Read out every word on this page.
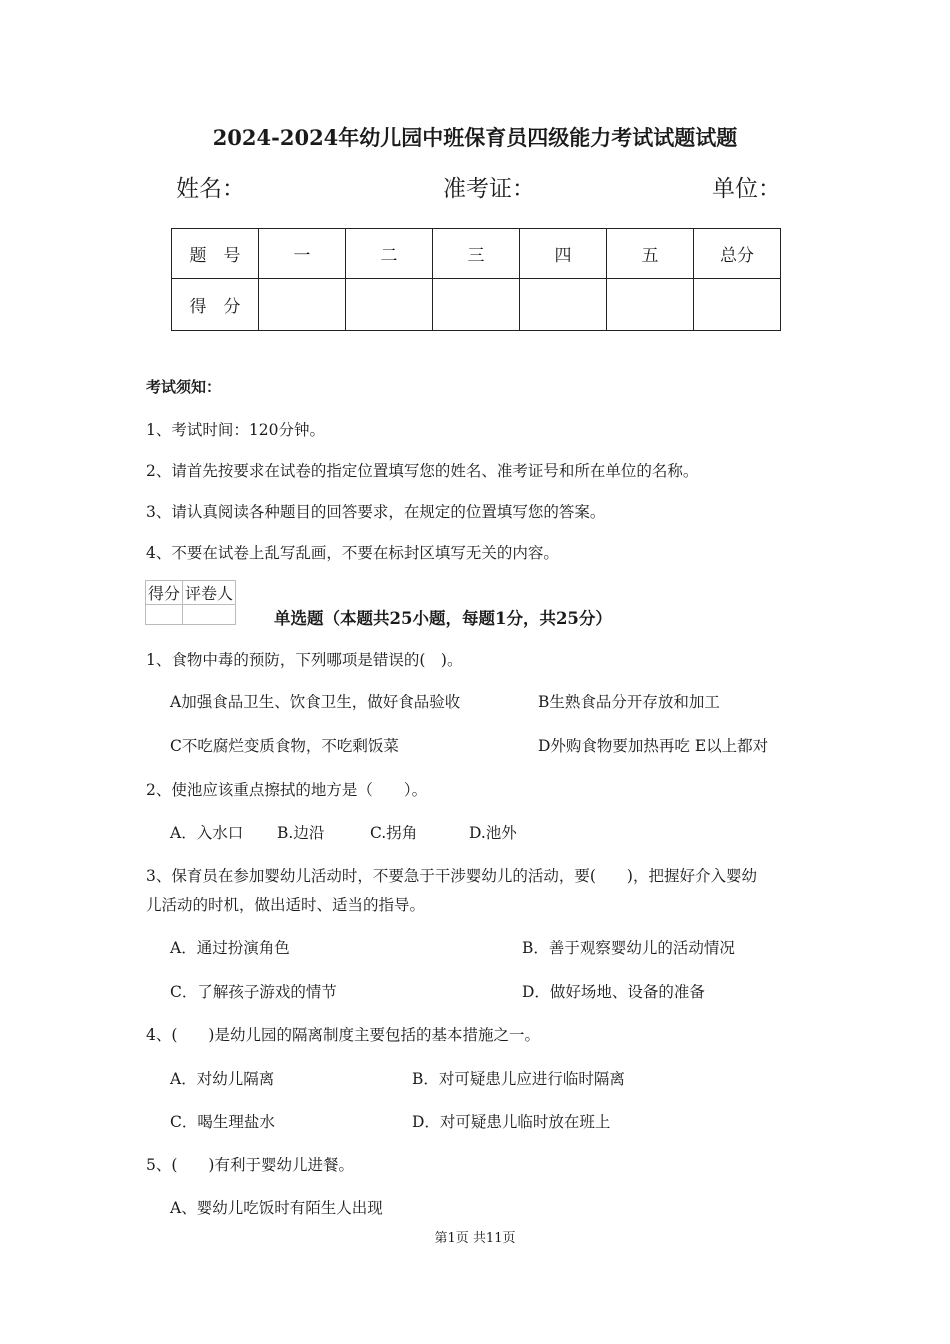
2024-2024年幼儿园中班保育员四级能力考试试题试题
姓名：	准考证：	单位：
题　号	一	二	三	四	五	总分
得　分						
考试须知：
1、考试时间：120分钟。
2、请首先按要求在试卷的指定位置填写您的姓名、准考证号和所在单位的名称。
3、请认真阅读各种题目的回答要求，在规定的位置填写您的答案。
4、不要在试卷上乱写乱画，不要在标封区填写无关的内容。
得分	评卷人

单选题（本题共25小题，每题1分，共25分）
1、食物中毒的预防，下列哪项是错误的(　)。
A加强食品卫生、饮食卫生，做好食品验收	B生熟食品分开存放和加工
C不吃腐烂变质食物，不吃剩饭菜	D外购食物要加热再吃 E以上都对
2、使池应该重点擦拭的地方是（　　）。
A．入水口 B.边沿	C.拐角	D.池外
3、保育员在参加婴幼儿活动时，不要急于干涉婴幼儿的活动，要(　　)，把握好介入婴幼
儿活动的时机，做出适时、适当的指导。
A．通过扮演角色	B．善于观察婴幼儿的活动情况
C．了解孩子游戏的情节	D．做好场地、设备的准备
4、(　　)是幼儿园的隔离制度主要包括的基本措施之一。
A．对幼儿隔离	B．对可疑患儿应进行临时隔离
C．喝生理盐水	D．对可疑患儿临时放在班上
5、(　　)有利于婴幼儿进餐。
A、婴幼儿吃饭时有陌生人出现
第1页 共11页
